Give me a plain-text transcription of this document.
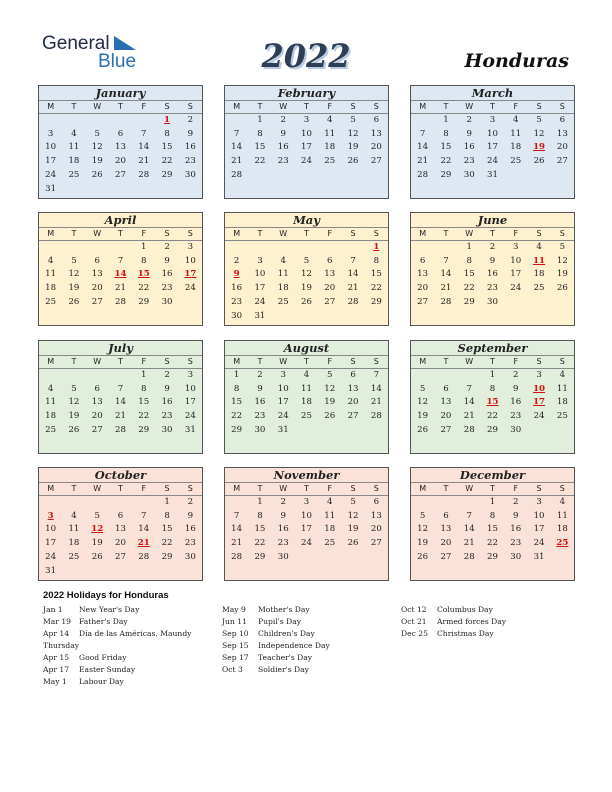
General
Blue	2022	Honduras
January
M	T	W	T	F	S	S
					1	2
3	4	5	6	7	8	9
10	11	12	13	14	15	16
17	18	19	20	21	22	23
24	25	26	27	28	29	30
31						
February
M	T	W	T	F	S	S
	1	2	3	4	5	6
7	8	9	10	11	12	13
14	15	16	17	18	19	20
21	22	23	24	25	26	27
28						
March
M	T	W	T	F	S	S
	1	2	3	4	5	6
7	8	9	10	11	12	13
14	15	16	17	18	19	20
21	22	23	24	25	26	27
28	29	30	31			
April
M	T	W	T	F	S	S
				1	2	3
4	5	6	7	8	9	10
11	12	13	14	15	16	17
18	19	20	21	22	23	24
25	26	27	28	29	30	
May
M	T	W	T	F	S	S
						1
2	3	4	5	6	7	8
9	10	11	12	13	14	15
16	17	18	19	20	21	22
23	24	25	26	27	28	29
30	31					
June
M	T	W	T	F	S	S
		1	2	3	4	5
6	7	8	9	10	11	12
13	14	15	16	17	18	19
20	21	22	23	24	25	26
27	28	29	30			
July
M	T	W	T	F	S	S
				1	2	3
4	5	6	7	8	9	10
11	12	13	14	15	16	17
18	19	20	21	22	23	24
25	26	27	28	29	30	31
August
M	T	W	T	F	S	S
1	2	3	4	5	6	7
8	9	10	11	12	13	14
15	16	17	18	19	20	21
22	23	24	25	26	27	28
29	30	31				
September
M	T	W	T	F	S	S
			1	2	3	4
5	6	7	8	9	10	11
12	13	14	15	16	17	18
19	20	21	22	23	24	25
26	27	28	29	30		
October
M	T	W	T	F	S	S
					1	2
3	4	5	6	7	8	9
10	11	12	13	14	15	16
17	18	19	20	21	22	23
24	25	26	27	28	29	30
31						
November
M	T	W	T	F	S	S
	1	2	3	4	5	6
7	8	9	10	11	12	13
14	15	16	17	18	19	20
21	22	23	24	25	26	27
28	29	30				
December
M	T	W	T	F	S	S
			1	2	3	4
5	6	7	8	9	10	11
12	13	14	15	16	17	18
19	20	21	22	23	24	25
26	27	28	29	30	31	
2022 Holidays for Honduras
Jan 1	New Year's Day
Mar 19	Father's Day
Apr 14	Día de las Américas, Maundy
Thursday
Apr 15	Good Friday
Apr 17	Easter Sunday
May 1	Labour Day
May 9	Mother's Day
Jun 11	Pupil's Day
Sep 10	Children's Day
Sep 15	Independence Day
Sep 17	Teacher's Day
Oct 3	Soldier's Day
Oct 12	Columbus Day
Oct 21	Armed forces Day
Dec 25	Christmas Day
